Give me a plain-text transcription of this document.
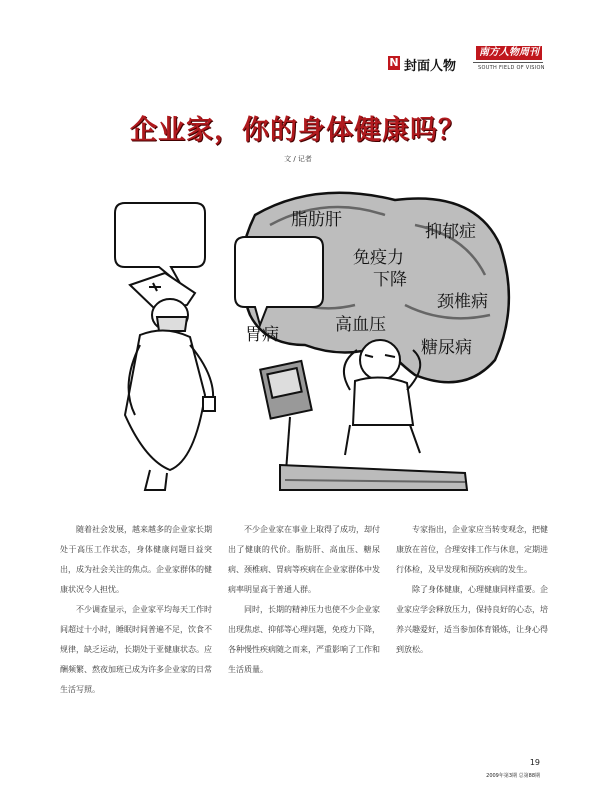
N 封面人物
南方人物周刊
SOUTH FIELD OF VISION
企业家，你的身体健康吗？
文 / 记者
脂肪肝
抑郁症
免疫力
下降
颈椎病
高血压
胃病
糖尿病

随着社会发展，越来越多的企业家长期处于高压工作状态，身体健康问题日益突出，成为社会关注的焦点。企业家群体的健康状况令人担忧。

不少调查显示，企业家平均每天工作时间超过十小时，睡眠时间普遍不足，饮食不规律，缺乏运动，长期处于亚健康状态。应酬频繁、熬夜加班已成为许多企业家的日常生活写照。

不少企业家在事业上取得了成功，却付出了健康的代价。脂肪肝、高血压、糖尿病、颈椎病、胃病等疾病在企业家群体中发病率明显高于普通人群。

同时，长期的精神压力也使不少企业家出现焦虑、抑郁等心理问题，免疫力下降，各种慢性疾病随之而来，严重影响了工作和生活质量。

专家指出，企业家应当转变观念，把健康放在首位，合理安排工作与休息，定期进行体检，及早发现和预防疾病的发生。

除了身体健康，心理健康同样重要。企业家应学会释放压力，保持良好的心态，培养兴趣爱好，适当参加体育锻炼，让身心得到放松。

19
2009年第3期 总第88期
